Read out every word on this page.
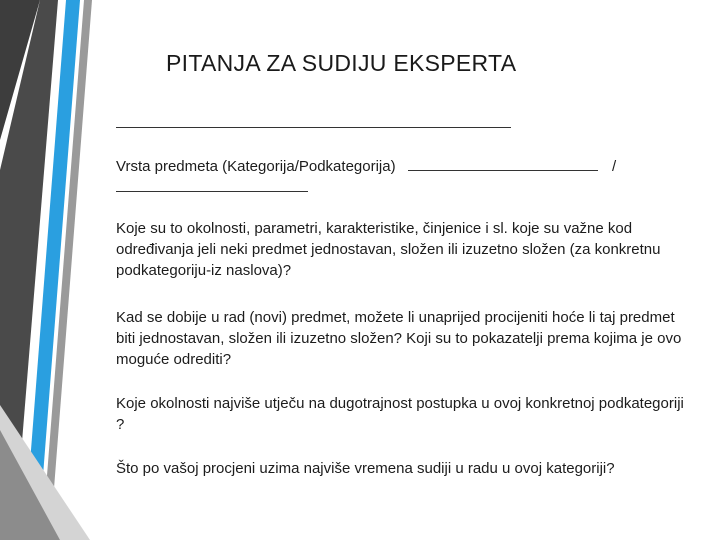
PITANJA ZA SUDIJU EKSPERTA
Vrsta predmeta (Kategorija/Podkategorija)	/

Koje su to okolnosti, parametri, karakteristike, činjenice i sl. koje su važne kod određivanja jeli neki predmet jednostavan, složen ili izuzetno složen (za konkretnu podkategoriju-iz naslova)?
Kad se dobije u rad (novi) predmet, možete li unaprijed procijeniti hoće li taj predmet biti jednostavan, složen ili izuzetno složen? Koji su to pokazatelji prema kojima je ovo moguće odrediti?
Koje okolnosti najviše utječu na dugotrajnost postupka u ovoj konkretnoj podkategoriji ?
Što po vašoj procjeni uzima najviše vremena sudiji u radu u ovoj kategoriji?
